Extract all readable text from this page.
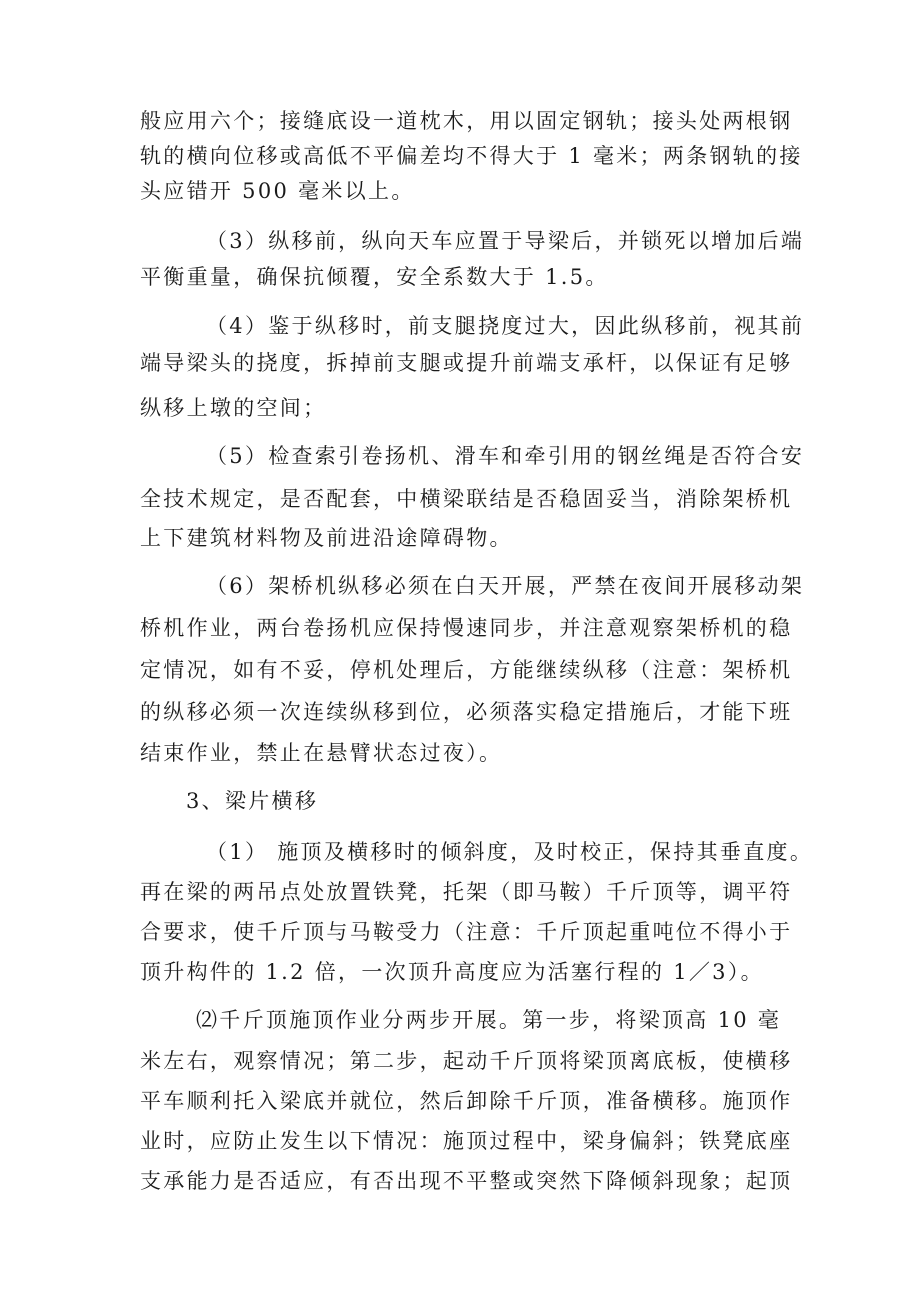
般应用六个；接缝底设一道枕木，用以固定钢轨；接头处两根钢
轨的横向位移或高低不平偏差均不得大于 1 毫米；两条钢轨的接
头应错开 500 毫米以上。
（3）纵移前，纵向天车应置于导梁后，并锁死以增加后端
平衡重量，确保抗倾覆，安全系数大于 1.5。
（4）鉴于纵移时，前支腿挠度过大，因此纵移前，视其前
端导梁头的挠度，拆掉前支腿或提升前端支承杆，以保证有足够
纵移上墩的空间；
（5）检查索引卷扬机、滑车和牵引用的钢丝绳是否符合安
全技术规定，是否配套，中横梁联结是否稳固妥当，消除架桥机
上下建筑材料物及前进沿途障碍物。
（6）架桥机纵移必须在白天开展，严禁在夜间开展移动架
桥机作业，两台卷扬机应保持慢速同步，并注意观察架桥机的稳
定情况，如有不妥，停机处理后，方能继续纵移（注意：架桥机
的纵移必须一次连续纵移到位，必须落实稳定措施后，才能下班
结束作业，禁止在悬臂状态过夜）。
3、梁片横移
（1） 施顶及横移时的倾斜度，及时校正，保持其垂直度。
再在梁的两吊点处放置铁凳，托架（即马鞍）千斤顶等，调平符
合要求，使千斤顶与马鞍受力（注意：千斤顶起重吨位不得小于
顶升构件的 1.2 倍，一次顶升高度应为活塞行程的 1／3）。
⑵千斤顶施顶作业分两步开展。第一步，将梁顶高 10 毫
米左右，观察情况；第二步，起动千斤顶将梁顶离底板，使横移
平车顺利托入梁底并就位，然后卸除千斤顶，准备横移。施顶作
业时，应防止发生以下情况：施顶过程中，梁身偏斜；铁凳底座
支承能力是否适应，有否出现不平整或突然下降倾斜现象；起顶
